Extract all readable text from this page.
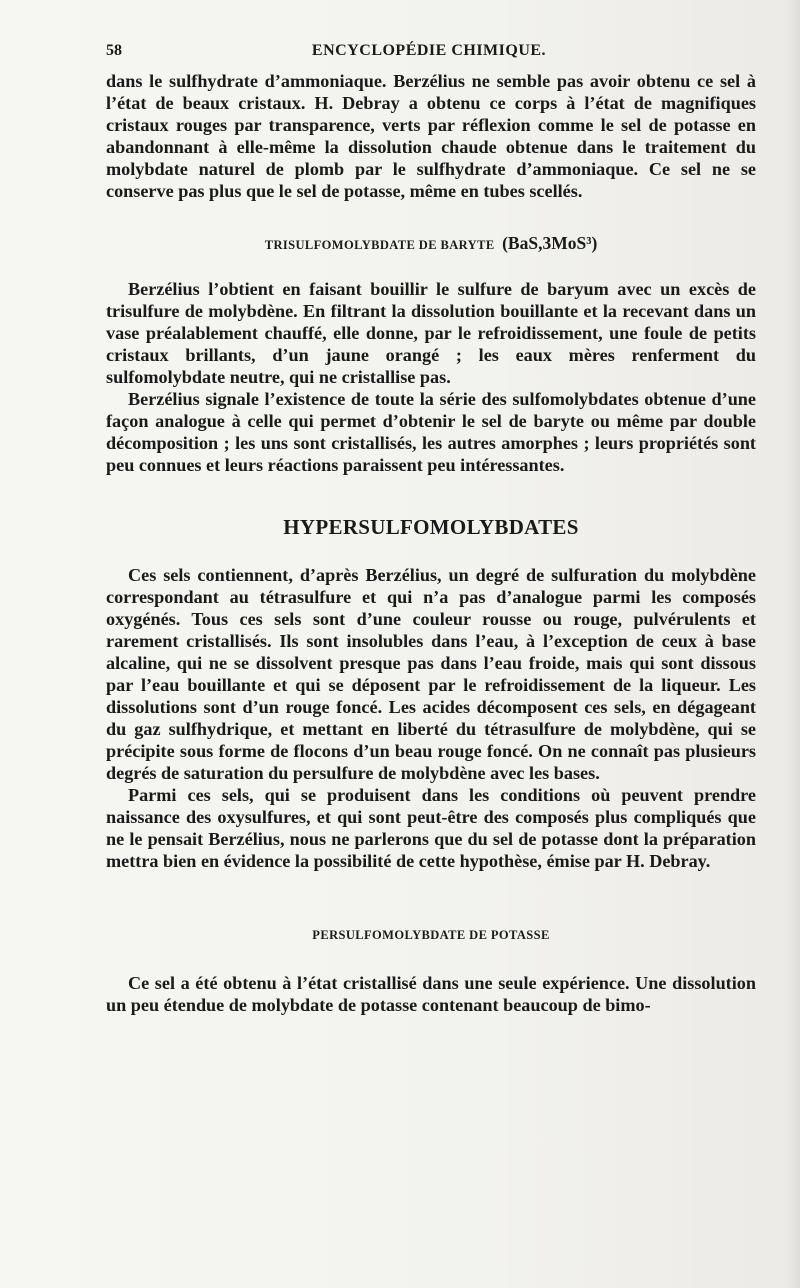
58	ENCYCLOPÉDIE CHIMIQUE.

dans le sulfhydrate d’ammoniaque. Berzélius ne semble pas avoir obtenu ce sel à l’état de beaux cristaux. H. Debray a obtenu ce corps à l’état de magnifiques cristaux rouges par transparence, verts par réflexion comme le sel de potasse en abandonnant à elle-même la dissolution chaude obtenue dans le traitement du molybdate naturel de plomb par le sulfhydrate d’ammoniaque. Ce sel ne se conserve pas plus que le sel de potasse, même en tubes scellés.

TRISULFOMOLYBDATE DE BARYTE (BaS,3MoS³)

Berzélius l’obtient en faisant bouillir le sulfure de baryum avec un excès de trisulfure de molybdène. En filtrant la dissolution bouillante et la recevant dans un vase préalablement chauffé, elle donne, par le refroidissement, une foule de petits cristaux brillants, d’un jaune orangé ; les eaux mères renferment du sulfomolybdate neutre, qui ne cristallise pas.

Berzélius signale l’existence de toute la série des sulfomolybdates obtenue d’une façon analogue à celle qui permet d’obtenir le sel de baryte ou même par double décomposition ; les uns sont cristallisés, les autres amorphes ; leurs propriétés sont peu connues et leurs réactions paraissent peu intéressantes.

HYPERSULFOMOLYBDATES

Ces sels contiennent, d’après Berzélius, un degré de sulfuration du molybdène correspondant au tétrasulfure et qui n’a pas d’analogue parmi les composés oxygénés. Tous ces sels sont d’une couleur rousse ou rouge, pulvérulents et rarement cristallisés. Ils sont insolubles dans l’eau, à l’exception de ceux à base alcaline, qui ne se dissolvent presque pas dans l’eau froide, mais qui sont dissous par l’eau bouillante et qui se déposent par le refroidissement de la liqueur. Les dissolutions sont d’un rouge foncé. Les acides décomposent ces sels, en dégageant du gaz sulfhydrique, et mettant en liberté du tétrasulfure de molybdène, qui se précipite sous forme de flocons d’un beau rouge foncé. On ne connaît pas plusieurs degrés de saturation du persulfure de molybdène avec les bases.

Parmi ces sels, qui se produisent dans les conditions où peuvent prendre naissance des oxysulfures, et qui sont peut-être des composés plus compliqués que ne le pensait Berzélius, nous ne parlerons que du sel de potasse dont la préparation mettra bien en évidence la possibilité de cette hypothèse, émise par H. Debray.

PERSULFOMOLYBDATE DE POTASSE

Ce sel a été obtenu à l’état cristallisé dans une seule expérience. Une dissolution un peu étendue de molybdate de potasse contenant beaucoup de bimo-
